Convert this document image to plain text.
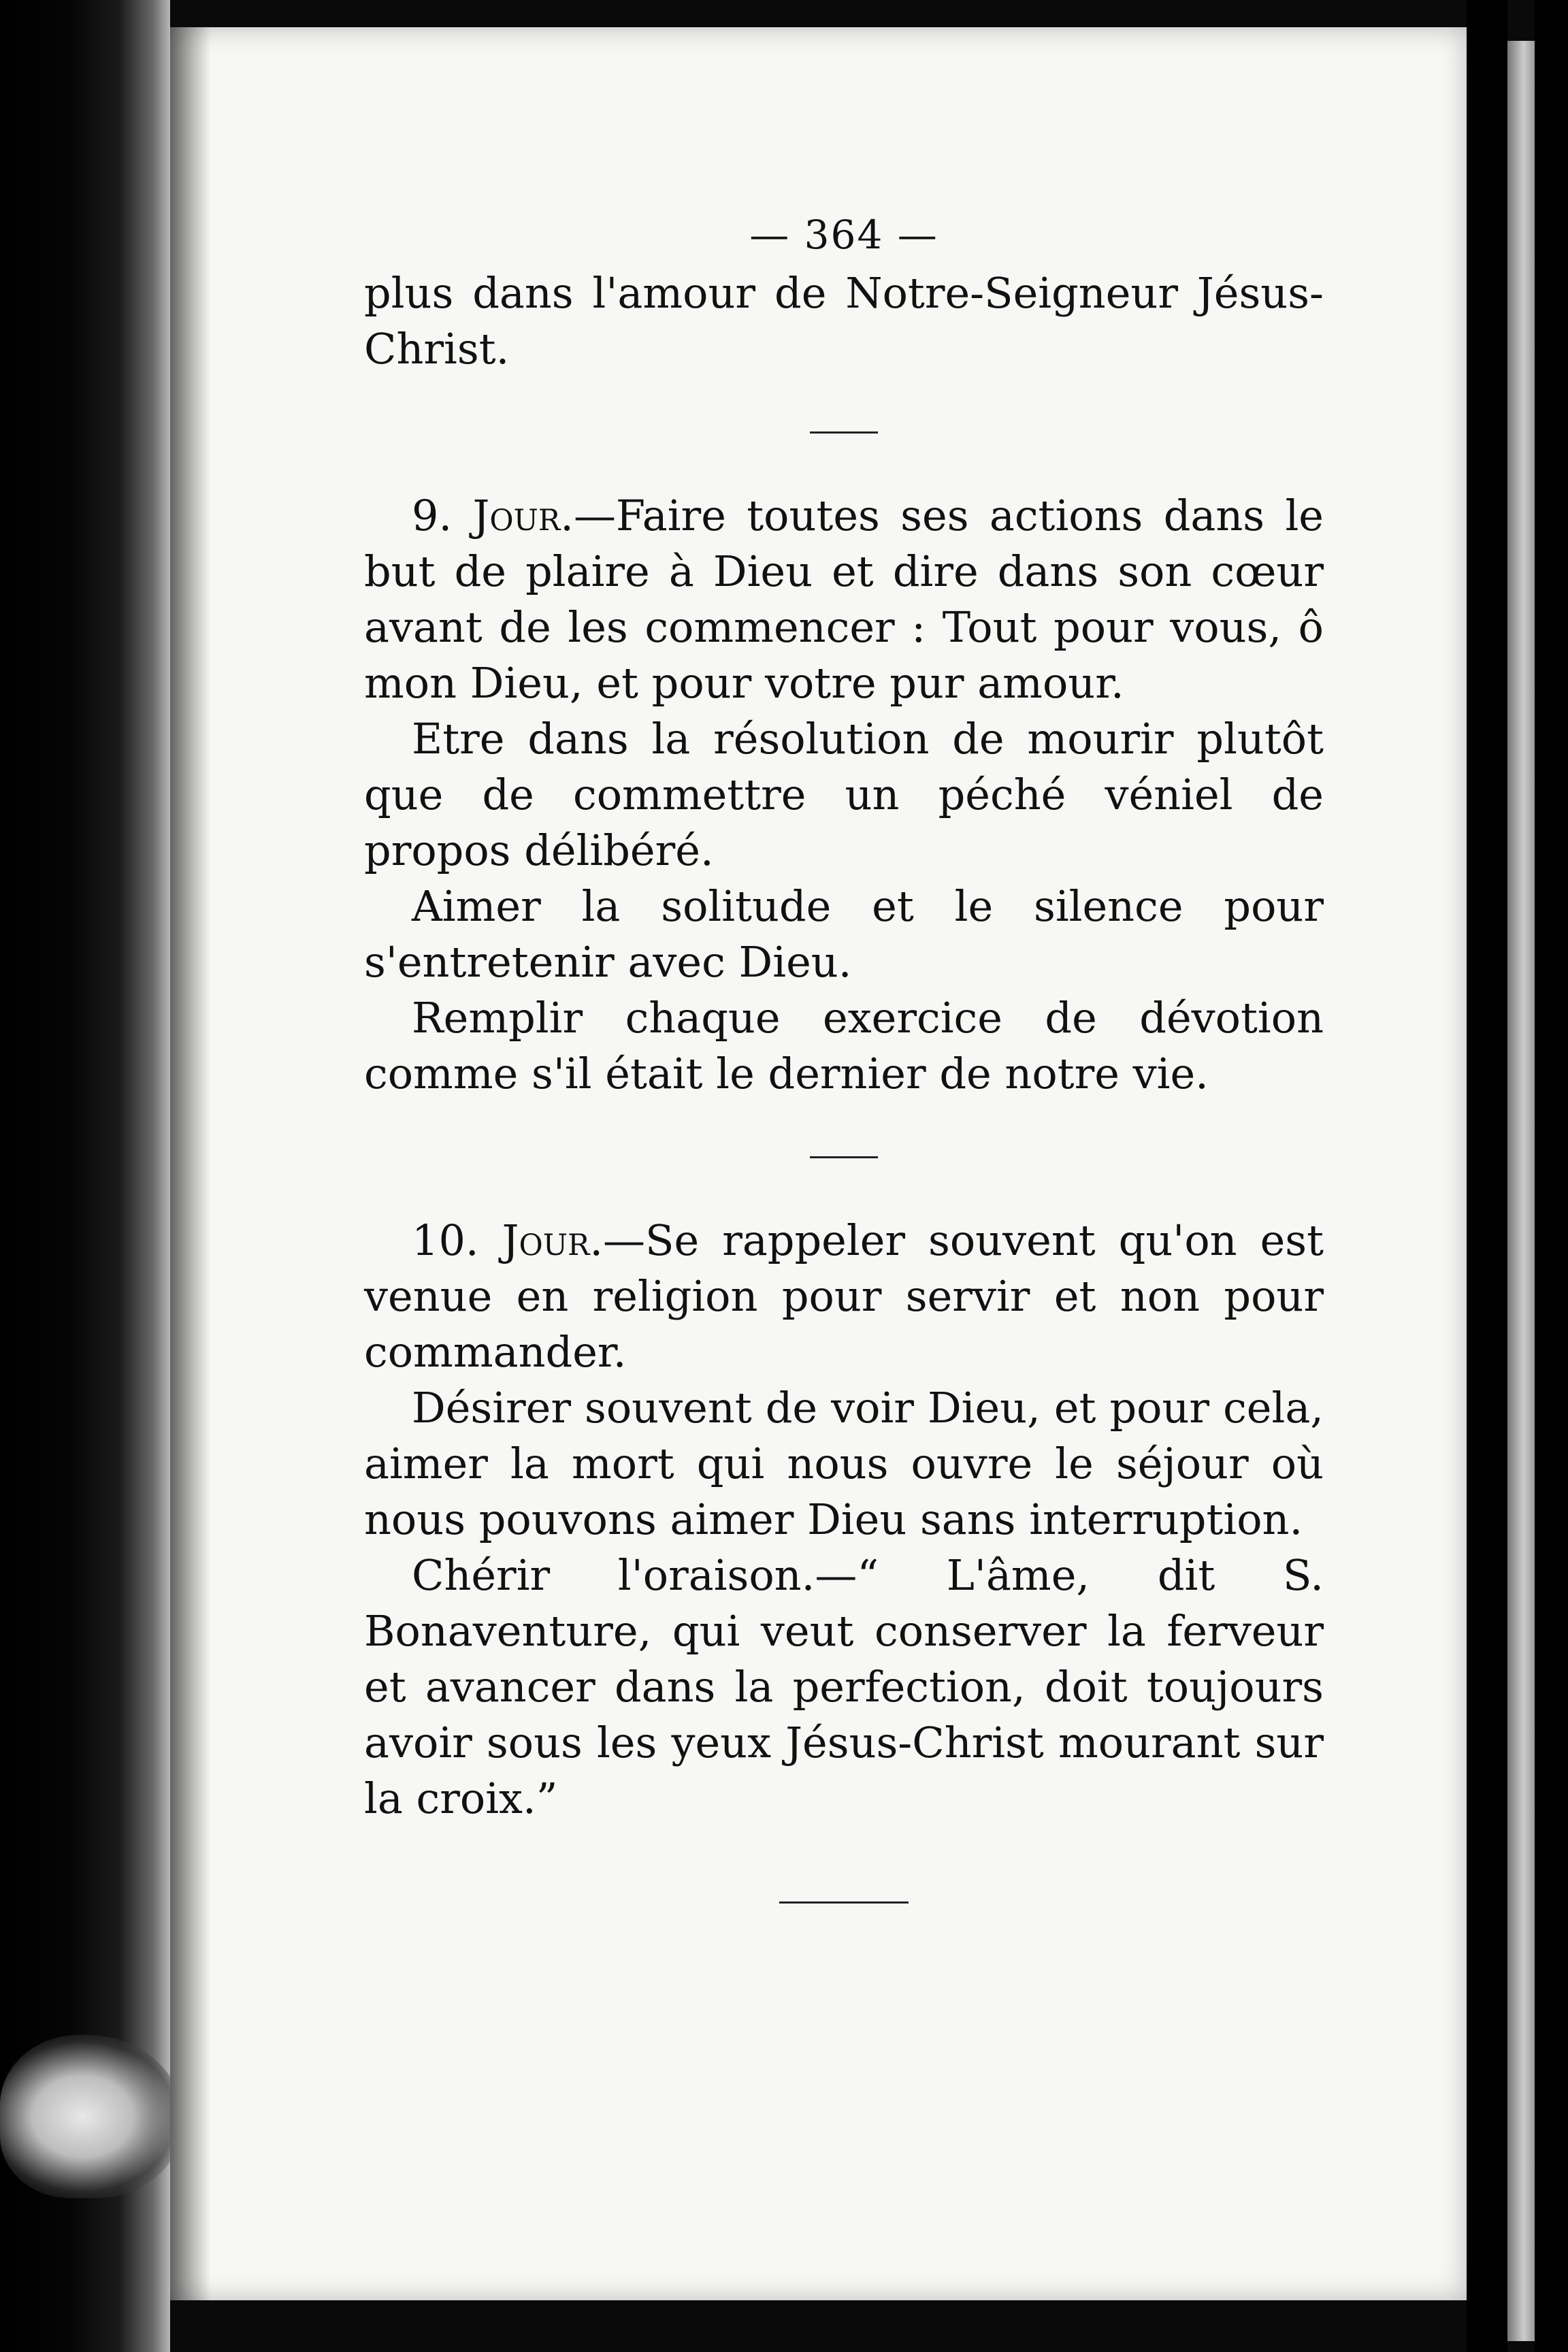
— 364 —

plus dans l'amour de Notre-Seigneur Jésus-Christ.

9. Jour.—Faire toutes ses actions dans le but de plaire à Dieu et dire dans son cœur avant de les commencer : Tout pour vous, ô mon Dieu, et pour votre pur amour.

Etre dans la résolution de mourir plutôt que de commettre un péché véniel de propos délibéré.

Aimer la solitude et le silence pour s'entretenir avec Dieu.

Remplir chaque exercice de dévotion comme s'il était le dernier de notre vie.

10. Jour.—Se rappeler souvent qu'on est venue en religion pour servir et non pour commander.

Désirer souvent de voir Dieu, et pour cela, aimer la mort qui nous ouvre le séjour où nous pouvons aimer Dieu sans interruption.

Chérir l'oraison.—“ L'âme, dit S. Bonaventure, qui veut conserver la ferveur et avancer dans la perfection, doit toujours avoir sous les yeux Jésus-Christ mourant sur la croix.”
